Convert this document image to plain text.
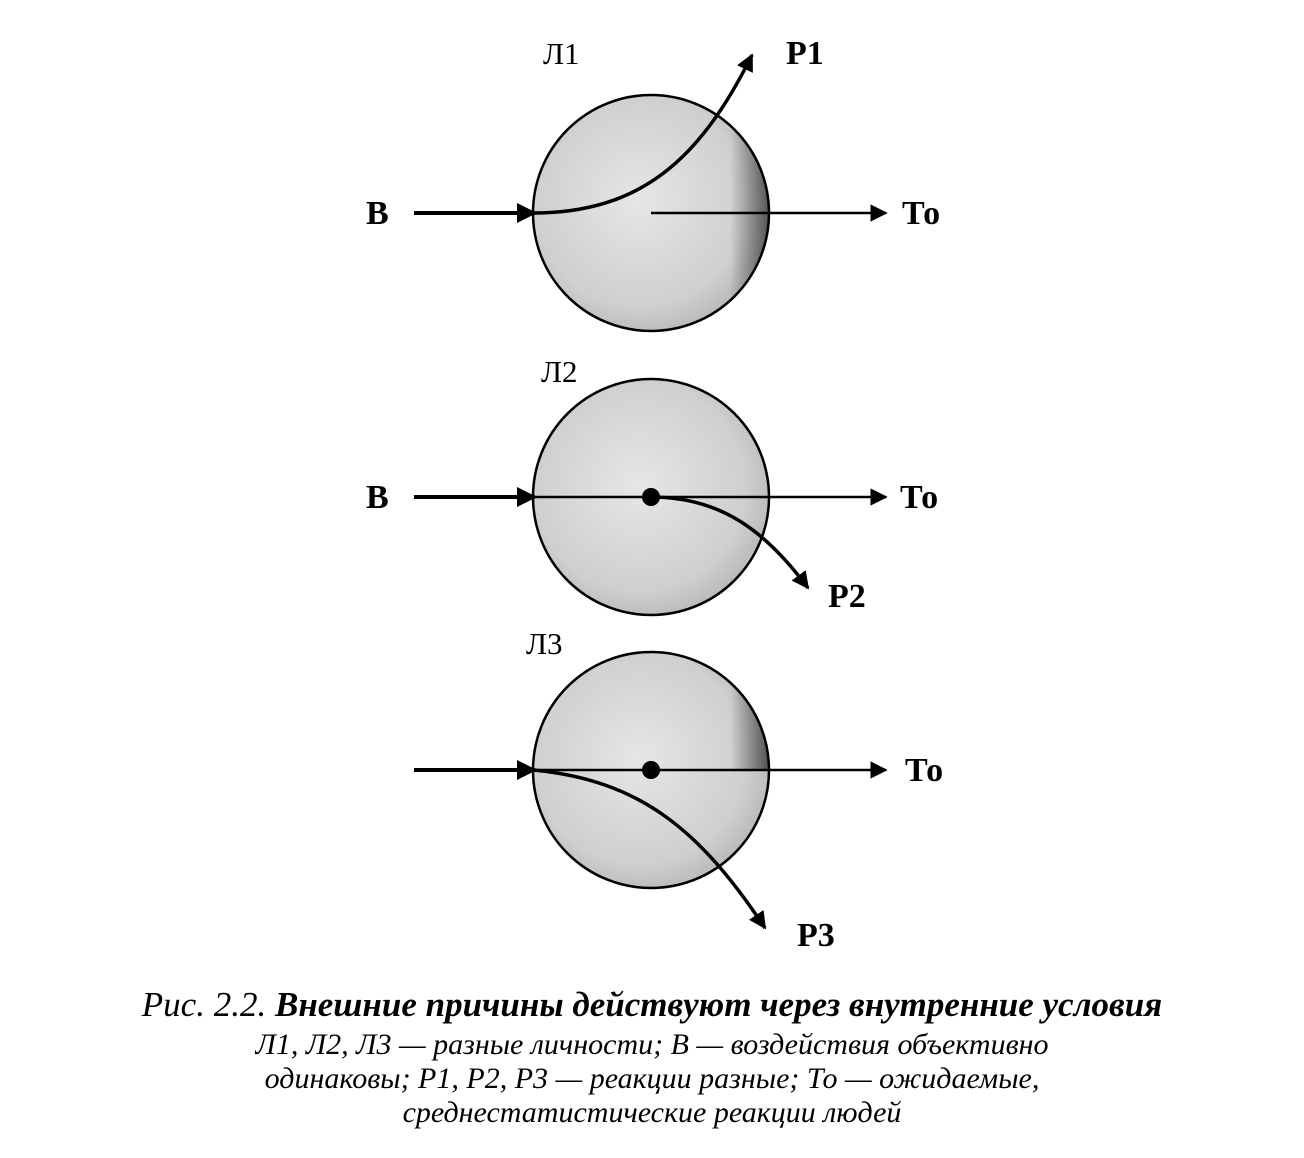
Л1
В
Р1
То
Л2
В
Р2
То
Л3
Р3
То
Рис. 2.2. Внешние причины действуют через внутренние условия
Л1, Л2, Л3 — разные личности; В — воздействия объективно
одинаковы; Р1, Р2, Р3 — реакции разные; То — ожидаемые,
среднестатистические реакции людей
